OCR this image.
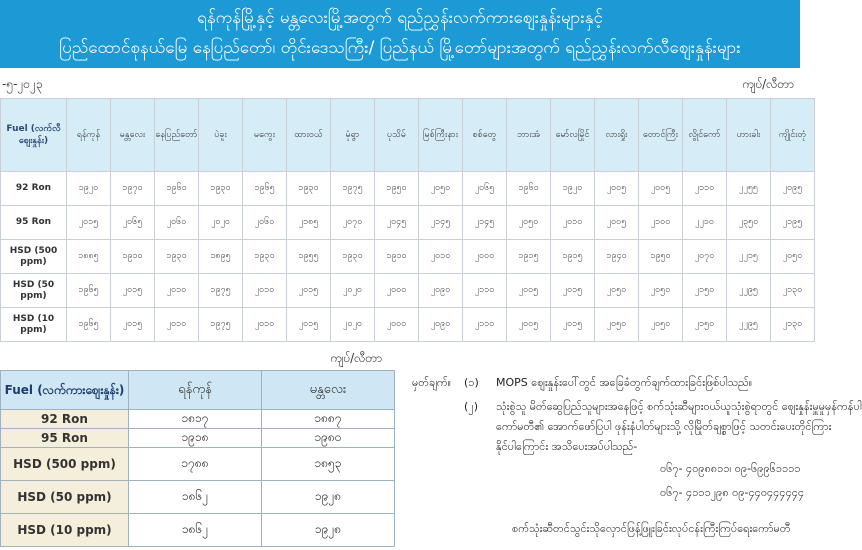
ရန်ကုန်မြို့နှင့် မန္တလေးမြို့အတွက် ရည်ညွှန်းလက်ကားဈေးနှုန်းများနှင့်
ပြည်ထောင်စုနယ်မြေ နေပြည်တော်၊ တိုင်းဒေသကြီး/ ပြည်နယ် မြို့တော်များအတွက် ရည်ညွှန်းလက်လီဈေးနှုန်းများ
-၅-၂၀၂၃	ကျပ်/လီတာ
Fuel (လက်လီဈေးနှုန်း)	ရန်ကုန်	မန္တလေး	နေပြည်တော်	ပဲခူး	မကွေး	ထားဝယ်	မုံရွာ	ပုသိမ်	မြစ်ကြီးနား	စစ်တွေ	ဘားအံ	မော်လမြိုင်	လားရှိုး	တောင်ကြီး	လွိုင်ကော်	ဟားခါး	ကျိုင်းတုံ
92 Ron	၁၉၂၀	၁၉၇၀	၁၉၆၀	၁၉၃၀	၁၉၆၅	၁၉၃၀	၁၉၇၅	၁၉၅၀	၂၀၅၀	၂၀၆၅	၁၉၆၀	၁၉၂၀	၂၀၀၅	၂၀၀၅	၂၁၁၀	၂၂၅၅	၂၀၉၅
95 Ron	၂၀၁၅	၂၀၆၅	၂၀၆၀	၂၀၂၀	၂၀၆၀	၂၁၈၅	၂၀၇၀	၂၀၄၅	၂၁၄၅	၂၁၄၅	၂၀၅၀	၂၀၁၀	၂၀၀၅	၂၁၀၀	၂၂၁၀	၂၃၅၀	၂၁၉၅
HSD (500 ppm)	၁၈၈၅	၁၉၁၀	၁၉၃၀	၁၈၉၅	၁၉၃၀	၁၉၅၅	၁၉၃၀	၁၉၁၀	၂၀၁၀	၂၀၀၀	၁၉၁၅	၁၉၁၅	၁၉၄၀	၁၉၅၀	၂၀၇၀	၂၂၁၅	၂၀၅၀
HSD (50 ppm)	၁၉၆၅	၂၀၁၅	၂၀၁၀	၁၉၇၅	၂၀၁၀	၂၀၁၅	၂၀၂၀	၂၀၀၀	၂၀၉၀	၂၁၁၀	၂၀၀၅	၂၀၁၅	၂၀၅၀	၂၀၅၀	၂၁၅၀	၂၂၉၅	၂၁၃၀
HSD (10 ppm)	၁၉၆၅	၂၀၁၅	၂၀၁၀	၁၉၇၅	၂၀၁၀	၂၀၁၅	၂၀၂၀	၂၀၀၀	၂၀၉၀	၂၁၁၀	၂၀၀၅	၂၀၁၅	၂၀၅၀	၂၀၅၀	၂၁၅၀	၂၂၉၅	၂၁၃၀
ကျပ်/လီတာ
Fuel (လက်ကားဈေးနှုန်း)	ရန်ကုန်	မန္တလေး
92 Ron	၁၈၁၇	၁၈၈၇
95 Ron	၁၉၁၈	၁၉၈၀
HSD (500 ppm)	၁၇၈၈	၁၈၅၃
HSD (50 ppm)	၁၈၆၂	၁၉၂၈
HSD (10 ppm)	၁၈၆၂	၁၉၂၈
မှတ်ချက်။ (၁) MOPS ဈေးနှုန်းပေါ်တွင် အခြေခံတွက်ချက်ထားခြင်းဖြစ်ပါသည်။
(၂) သုံးစွဲသူ မိတ်ဆွေပြည်သူများအနေဖြင့် စက်သုံးဆီများဝယ်ယူသုံးစွဲရာတွင် ဈေးနှုန်းမှူမှုမှန်ကန်ပါ
ကော်မတီ၏ အောက်ဖော်ပြပါ ဖုန်းနံပါတ်များသို့ လိုမြိုတ်ချစ္စာဖြင့် သတင်းပေးတိုင်ကြား
နိုင်ပါကြောင်း အသိပေးအပ်ပါသည်-
၀၆၇- ၄၀၉၈၈၁၁၊ ၀၉-၆၉၉၆၁၁၁၁
၀၆၇- ၄၁၁၁၂၉၈ ၀၉-၄၄၀၄၄၄၄၄၄
စက်သုံးဆီတင်သွင်းသိုလှောင်ဖြန့်ဖြူးခြင်းလုပ်ငန်းကြီးကြပ်ရေးကော်မတီ
